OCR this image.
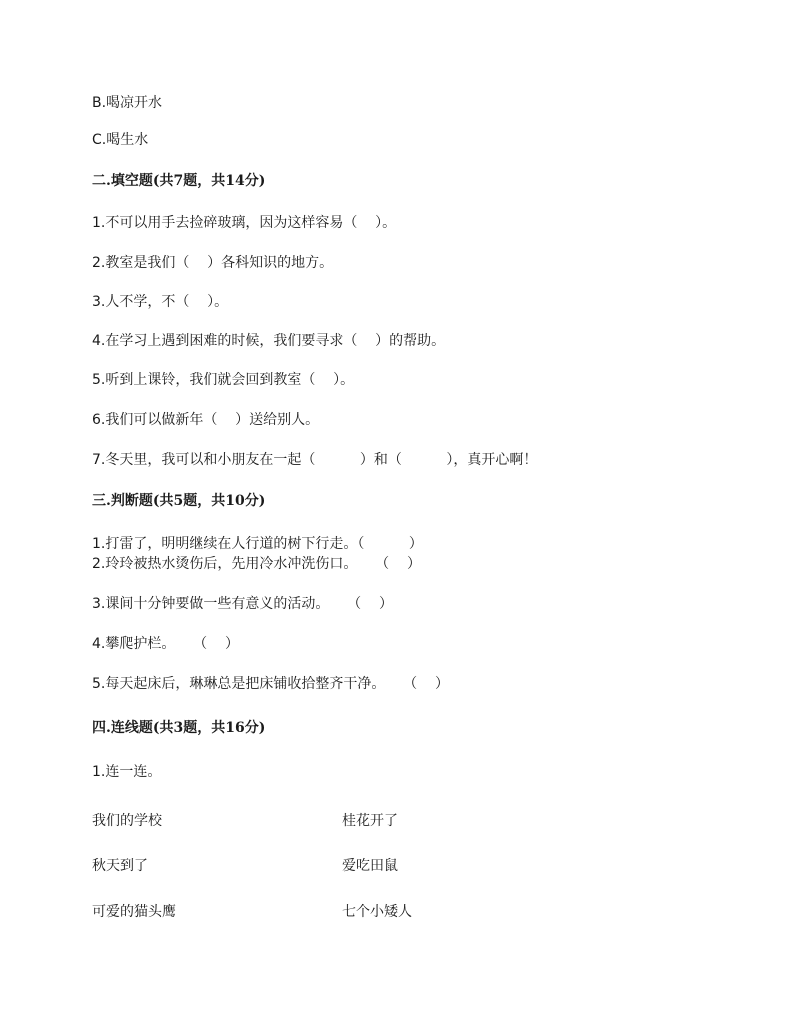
B.喝凉开水
C.喝生水
二.填空题(共7题，共14分)
1.不可以用手去捡碎玻璃，因为这样容易（    ）。
2.教室是我们（    ）各科知识的地方。
3.人不学，不（    ）。
4.在学习上遇到困难的时候，我们要寻求（    ）的帮助。
5.听到上课铃，我们就会回到教室（    ）。
6.我们可以做新年（    ）送给别人。
7.冬天里，我可以和小朋友在一起（          ）和（          ），真开心啊！
三.判断题(共5题，共10分)
1.打雷了，明明继续在人行道的树下行走。（          ）
2.玲玲被热水烫伤后，先用冷水冲洗伤口。    （    ）
3.课间十分钟要做一些有意义的活动。    （    ）
4.攀爬护栏。    （    ）
5.每天起床后，琳琳总是把床铺收拾整齐干净。    （    ）
四.连线题(共3题，共16分)
1.连一连。
我们的学校
秋天到了
可爱的猫头鹰
桂花开了
爱吃田鼠
七个小矮人
